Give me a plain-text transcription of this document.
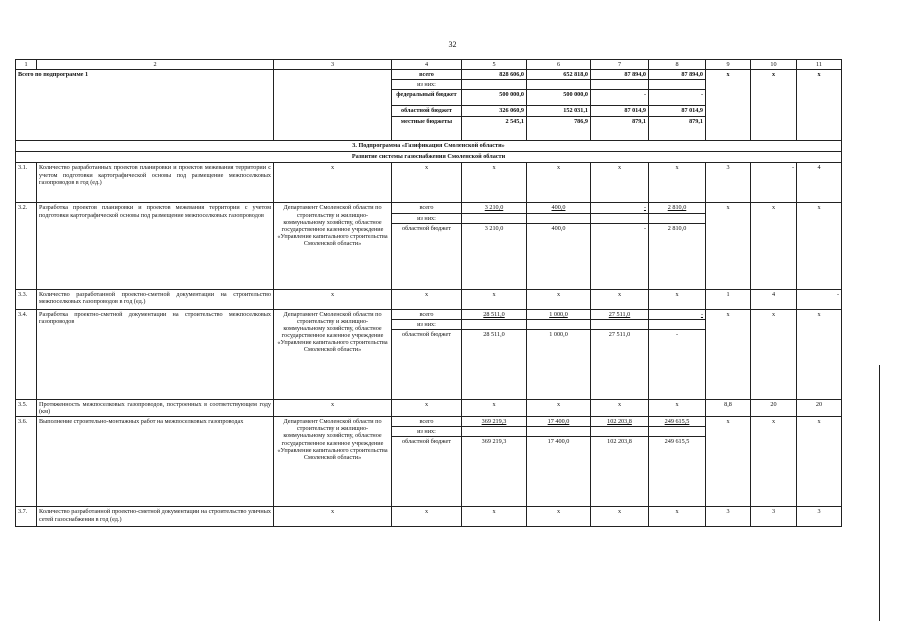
32
1	2	3	4	5	6	7	8	9	10	11
Всего по подпрограмме 1			всего	828 606,0	652 818,0	87 894,0	87 894,0	х	х	х
			из них:							
			федеральный бюджет	500 000,0	500 000,0	-	-			
			областной бюджет	326 060,9	152 031,1	87 014,9	87 014,9			
			местные бюджеты	2 545,1	786,9	879,1	879,1			
3. Подпрограмма «Газификация Смоленской области»										
Развитие системы газоснабжения Смоленской области										
3.1.	Количество разработанных проектов планировки и проектов межевания территории с учетом подготовки картографической основы под размещение межпоселковых газопроводов в год (ед.)	х	х	х	х	х	х	3	-	4
3.2.	Разработка проектов планировки и проектов межевания территории с учетом подготовки картографической основы под размещение межпоселковых газопроводов	Департамент Смоленской области по строительству и жилищно-коммунальному хозяйству, областное государственное казенное учреждение «Управление капитального строительства Смоленской области»	всего	3 210,0	400,0	-	2 810,0	х	х	х
			из них:							
			областной бюджет	3 210,0	400,0	-	2 810,0			
3.3.	Количество разработанной проектно-сметной документации на строительство межпоселковых газопроводов в год (ед.)	х	х	х	х	х	х	1	4	-
3.4.	Разработка проектно-сметной документации на строительство межпоселковых газопроводов	Департамент Смоленской области по строительству и жилищно-коммунальному хозяйству, областное государственное казенное учреждение «Управление капитального строительства Смоленской области»	всего	28 511,0	1 000,0	27 511,0	-	х	х	х
			из них:							
			областной бюджет	28 511,0	1 000,0	27 511,0	-			
3.5.	Протяженность межпоселковых газопроводов, построенных в соответствующем году (км)	х	х	х	х	х	х	8,8	20	20
3.6.	Выполнение строительно-монтажных работ на межпоселковых газопроводах	Департамент Смоленской области по строительству и жилищно-коммунальному хозяйству, областное государственное казенное учреждение «Управление капитального строительства Смоленской области»	всего	369 219,3	17 400,0	102 203,8	249 615,5	х	х	х
			из них:							
			областной бюджет	369 219,3	17 400,0	102 203,8	249 615,5			
3.7.	Количество разработанной проектно-сметной документации на строительство уличных сетей газоснабжения в год (ед.)	х	х	х	х	х	х	3	3	3
